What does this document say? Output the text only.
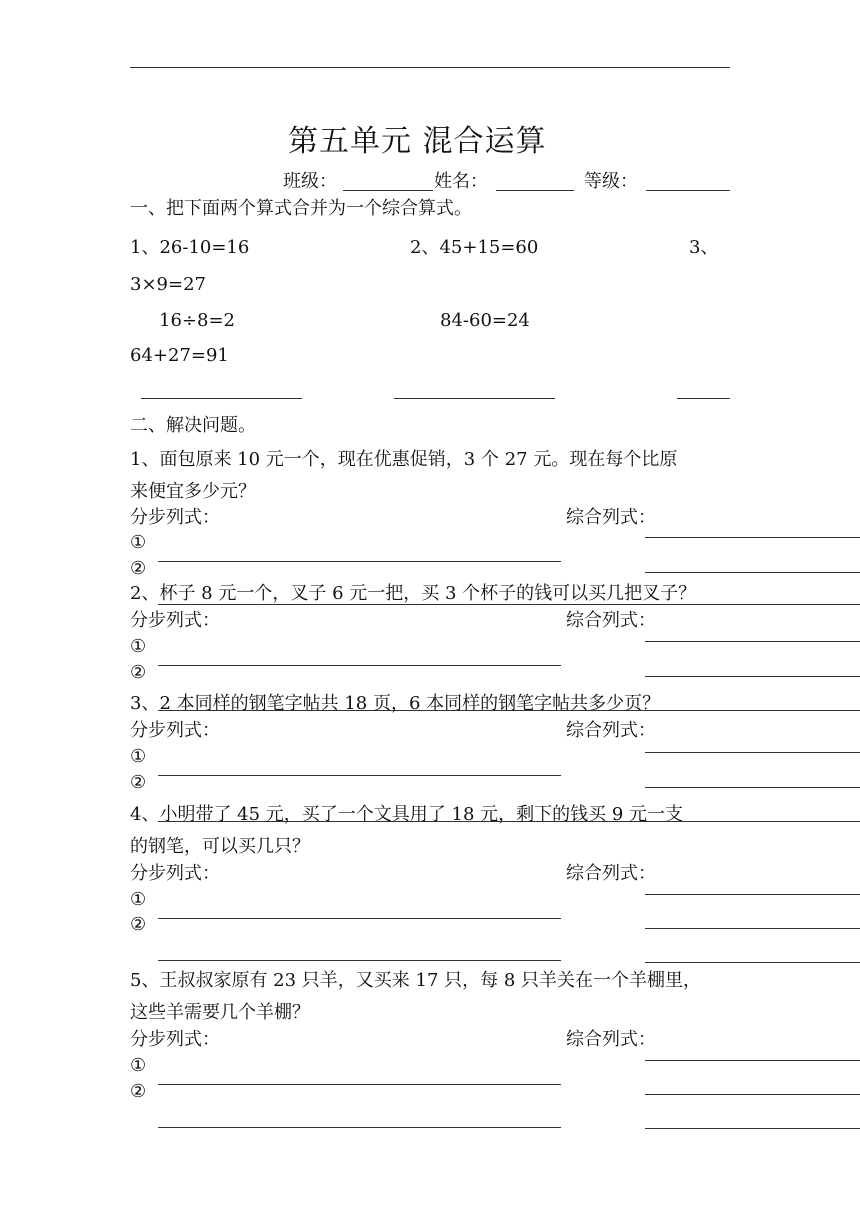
第五单元 混合运算
班级：	姓名：	等级：
一、把下面两个算式合并为一个综合算式。
1、26-10=16	2、45+15=60	3、
3×9=27
16÷8=2	84-60=24
64+27=91
二、解决问题。
1、面包原来 10 元一个，现在优惠促销，3 个 27 元。现在每个比原
来便宜多少元？
分步列式：	综合列式：
①
②
2、杯子 8 元一个，叉子 6 元一把，买 3 个杯子的钱可以买几把叉子？
分步列式：	综合列式：
①
②
3、2 本同样的钢笔字帖共 18 页，6 本同样的钢笔字帖共多少页？
分步列式：	综合列式：
①
②
4、小明带了 45 元，买了一个文具用了 18 元，剩下的钱买 9 元一支
的钢笔，可以买几只？
分步列式：	综合列式：
①
②
5、王叔叔家原有 23 只羊，又买来 17 只，每 8 只羊关在一个羊棚里，
这些羊需要几个羊棚？
分步列式：	综合列式：
①
②
